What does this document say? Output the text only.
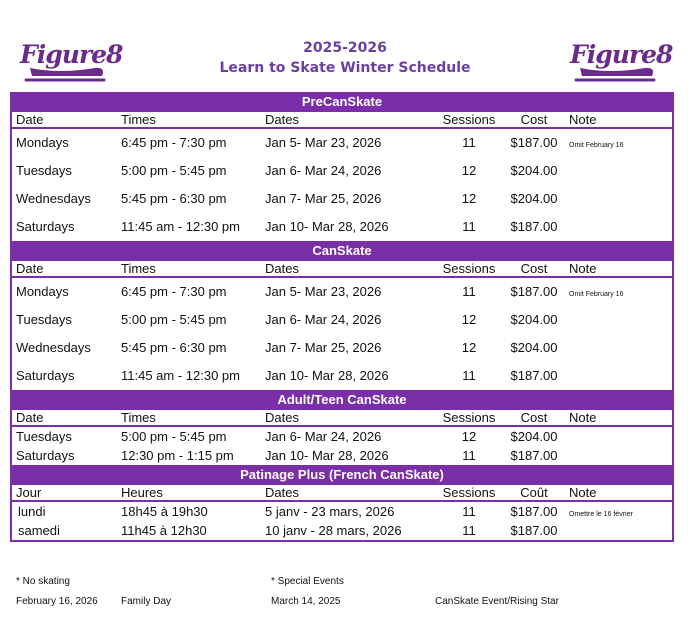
Figure8	Figure8
2025-2026
Learn to Skate Winter Schedule
PreCanSkate
Date	Times	Dates	Sessions	Cost	Note
Mondays	6:45 pm - 7:30 pm	Jan 5- Mar 23, 2026	11	$187.00	Omit February 16
Tuesdays	5:00 pm - 5:45 pm	Jan 6- Mar 24, 2026	12	$204.00
Wednesdays	5:45 pm - 6:30 pm	Jan 7- Mar 25, 2026	12	$204.00
Saturdays	11:45 am - 12:30 pm	Jan 10- Mar 28, 2026	11	$187.00
CanSkate
Date	Times	Dates	Sessions	Cost	Note
Mondays	6:45 pm - 7:30 pm	Jan 5- Mar 23, 2026	11	$187.00	Omit February 16
Tuesdays	5:00 pm - 5:45 pm	Jan 6- Mar 24, 2026	12	$204.00
Wednesdays	5:45 pm - 6:30 pm	Jan 7- Mar 25, 2026	12	$204.00
Saturdays	11:45 am - 12:30 pm	Jan 10- Mar 28, 2026	11	$187.00
Adult/Teen CanSkate
Date	Times	Dates	Sessions	Cost	Note
Tuesdays	5:00 pm - 5:45 pm	Jan 6- Mar 24, 2026	12	$204.00
Saturdays	12:30 pm - 1:15 pm	Jan 10- Mar 28, 2026	11	$187.00
Patinage Plus (French CanSkate)
Jour	Heures	Dates	Sessions	Coût	Note
lundi	18h45 à 19h30	5 janv - 23 mars, 2026	11	$187.00	Omettre le 16 février
samedi	11h45 à 12h30	10 janv - 28 mars, 2026	11	$187.00
* No skating
February 16, 2026 Family Day
* Special Events
March 14, 2025	CanSkate Event/Rising Star
